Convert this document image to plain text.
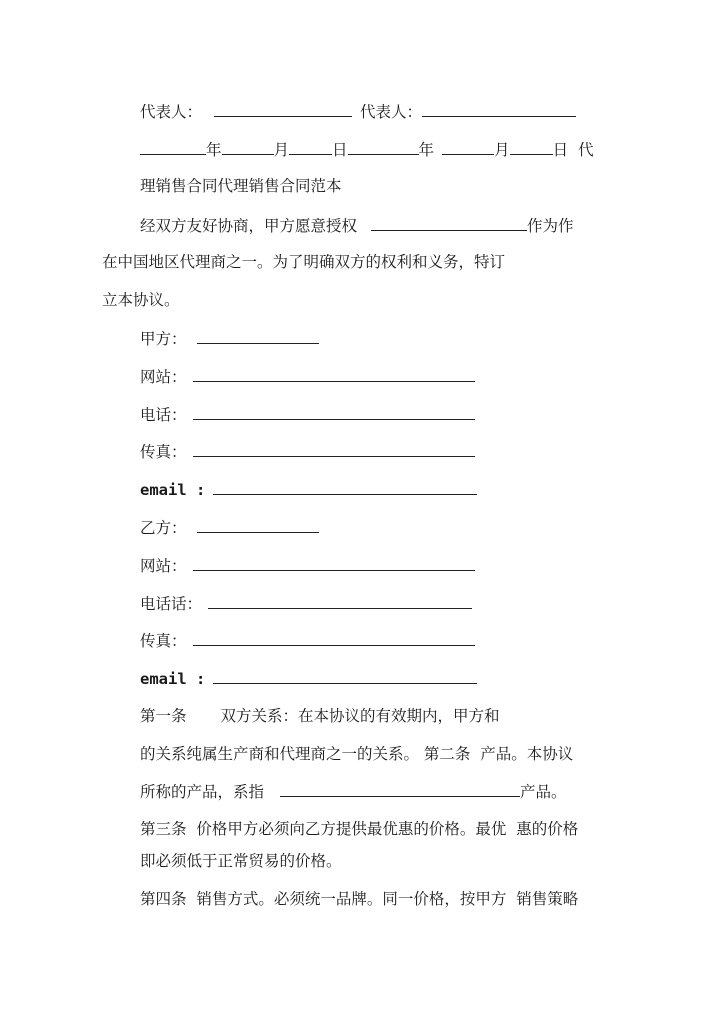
代表人：	代表人：
年	月	日	年	月	日 代
理销售合同代理销售合同范本
经双方友好协商，甲方愿意授权	作为作
在中国地区代理商之一。为了明确双方的权利和义务，特订
立本协议。
甲方：
网站：
电话：
传真：
email :
乙方：
网站：
电话话：
传真：
email :
第一条 双方关系：在本协议的有效期内，甲方和
的关系纯属生产商和代理商之一的关系。 第二条  产品。本协议
所称的产品，系指	产品。
第三条  价格甲方必须向乙方提供最优惠的价格。最优  惠的价格
即必须低于正常贸易的价格。
第四条  销售方式。必须统一品牌。同一价格，按甲方  销售策略
